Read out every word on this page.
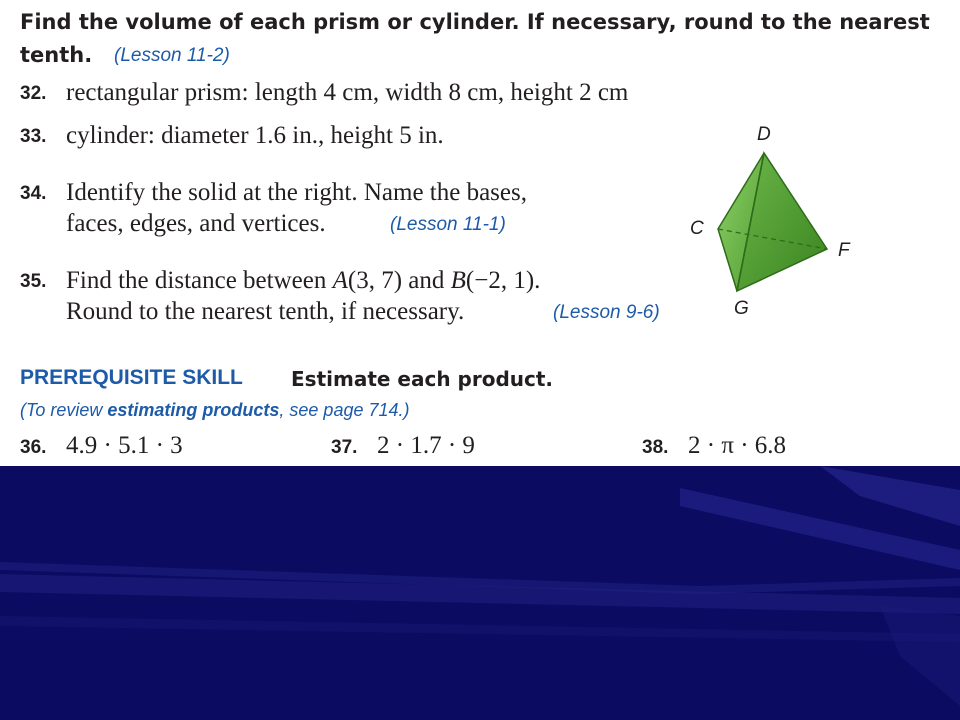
Find the volume of each prism or cylinder. If necessary, round to the nearest
tenth. (Lesson 11-2)
32. rectangular prism: length 4 cm, width 8 cm, height 2 cm
33. cylinder: diameter 1.6 in., height 5 in.
34. Identify the solid at the right. Name the bases,
faces, edges, and vertices.	(Lesson 11-1)
35. Find the distance between A(3, 7) and B(−2, 1).
Round to the nearest tenth, if necessary.	(Lesson 9-6)
D
C
F
G
PREREQUISITE SKILL Estimate each product.
(To review estimating products, see page 714.)
36. 4.9 · 5.1 · 3	37. 2 · 1.7 · 9	38. 2 · π · 6.8
